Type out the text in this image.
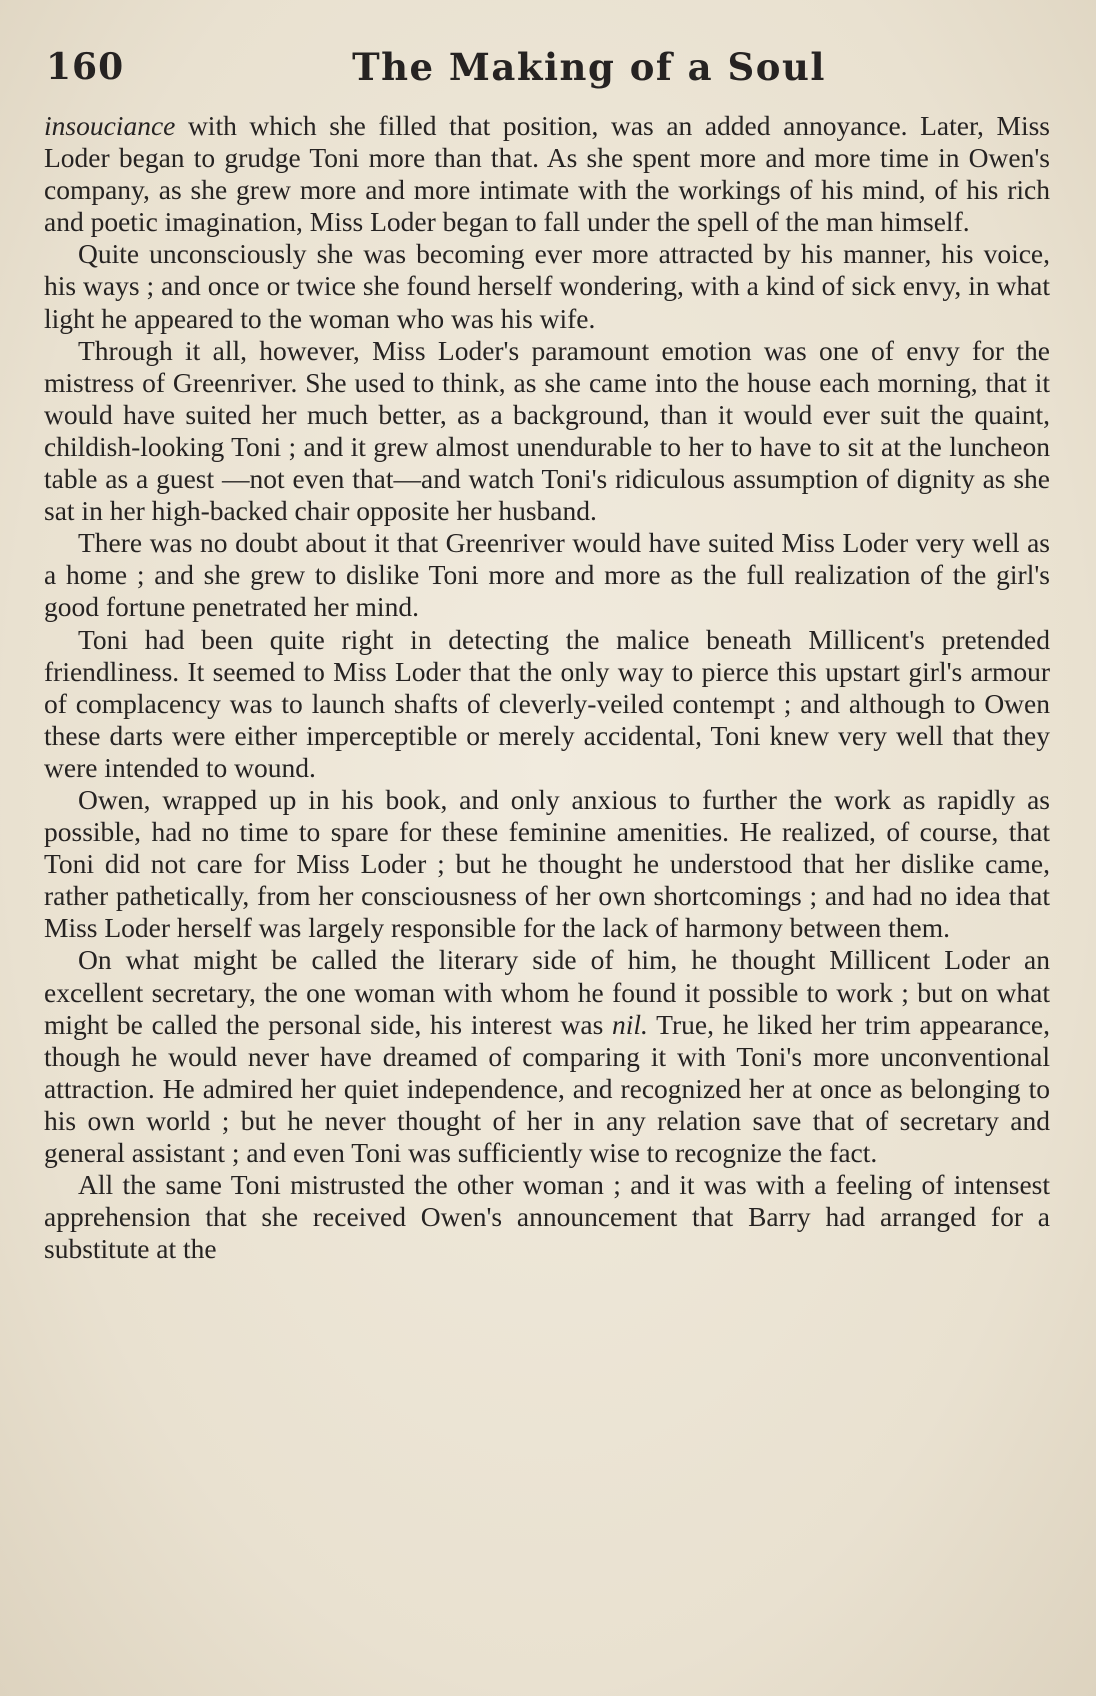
160	The Making of a Soul

insouciance with which she filled that position, was an added annoyance. Later, Miss Loder began to grudge Toni more than that. As she spent more and more time in Owen's company, as she grew more and more intimate with the workings of his mind, of his rich and poetic imagination, Miss Loder began to fall under the spell of the man himself.

Quite unconsciously she was becoming ever more attracted by his manner, his voice, his ways ; and once or twice she found herself wondering, with a kind of sick envy, in what light he appeared to the woman who was his wife.

Through it all, however, Miss Loder's paramount emotion was one of envy for the mistress of Greenriver. She used to think, as she came into the house each morning, that it would have suited her much better, as a background, than it would ever suit the quaint, childish-looking Toni ; and it grew almost unendurable to her to have to sit at the luncheon table as a guest —not even that—and watch Toni's ridiculous assumption of dignity as she sat in her high-backed chair opposite her husband.

There was no doubt about it that Greenriver would have suited Miss Loder very well as a home ; and she grew to dislike Toni more and more as the full realization of the girl's good fortune penetrated her mind.

Toni had been quite right in detecting the malice beneath Millicent's pretended friendliness. It seemed to Miss Loder that the only way to pierce this upstart girl's armour of complacency was to launch shafts of cleverly-veiled contempt ; and although to Owen these darts were either imperceptible or merely accidental, Toni knew very well that they were intended to wound.

Owen, wrapped up in his book, and only anxious to further the work as rapidly as possible, had no time to spare for these feminine amenities. He realized, of course, that Toni did not care for Miss Loder ; but he thought he understood that her dislike came, rather pathetically, from her consciousness of her own shortcomings ; and had no idea that Miss Loder herself was largely responsible for the lack of harmony between them.

On what might be called the literary side of him, he thought Millicent Loder an excellent secretary, the one woman with whom he found it possible to work ; but on what might be called the personal side, his interest was nil. True, he liked her trim appearance, though he would never have dreamed of comparing it with Toni's more unconventional attraction. He admired her quiet independence, and recognized her at once as belonging to his own world ; but he never thought of her in any relation save that of secretary and general assistant ; and even Toni was sufficiently wise to recognize the fact.

All the same Toni mistrusted the other woman ; and it was with a feeling of intensest apprehension that she received Owen's announcement that Barry had arranged for a substitute at the
